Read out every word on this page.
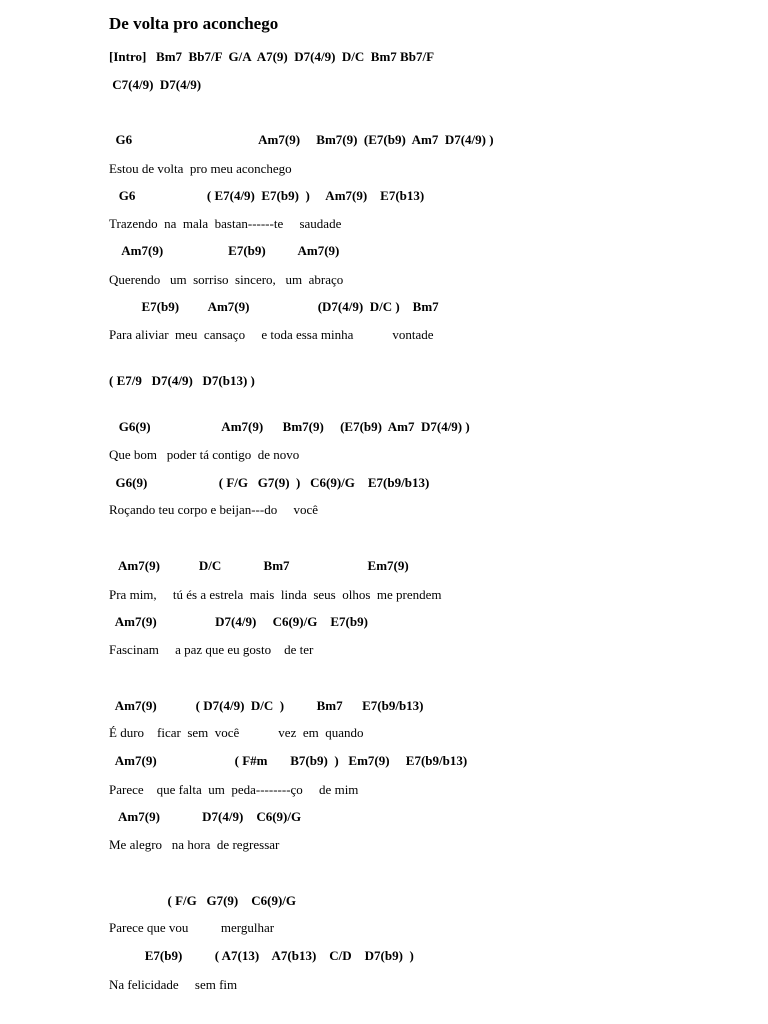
De volta pro aconchego
[Intro]   Bm7  Bb7/F  G/A  A7(9)  D7(4/9)  D/C  Bm7 Bb7/F
C7(4/9)  D7(4/9)
G6                                       Am7(9)     Bm7(9)  (E7(b9)  Am7  D7(4/9) )
Estou de volta  pro meu aconchego
G6                      ( E7(4/9)  E7(b9)  )     Am7(9)    E7(b13)
Trazendo  na  mala  bastan------te     saudade
Am7(9)                    E7(b9)          Am7(9)
Querendo   um  sorriso  sincero,   um  abraço
E7(b9)         Am7(9)                     (D7(4/9)  D/C )    Bm7
Para aliviar  meu  cansaço     e toda essa minha            vontade
( E7/9   D7(4/9)   D7(b13) )
G6(9)                      Am7(9)      Bm7(9)     (E7(b9)  Am7  D7(4/9) )
Que bom   poder tá contigo  de novo
G6(9)                      ( F/G   G7(9)  )   C6(9)/G    E7(b9/b13)
Roçando teu corpo e beijan---do     você
Am7(9)            D/C             Bm7                        Em7(9)
Pra mim,     tú és a estrela  mais  linda  seus  olhos  me prendem
Am7(9)                  D7(4/9)     C6(9)/G    E7(b9)
Fascinam     a paz que eu gosto    de ter
Am7(9)            ( D7(4/9)  D/C  )          Bm7      E7(b9/b13)
É duro    ficar  sem  você            vez  em  quando
Am7(9)                        ( F#m       B7(b9)  )   Em7(9)     E7(b9/b13)
Parece    que falta  um  peda--------ço     de mim
Am7(9)             D7(4/9)    C6(9)/G
Me alegro   na hora  de regressar
( F/G   G7(9)    C6(9)/G
Parece que vou          mergulhar
E7(b9)          ( A7(13)    A7(b13)    C/D    D7(b9)  )
Na felicidade     sem fim
